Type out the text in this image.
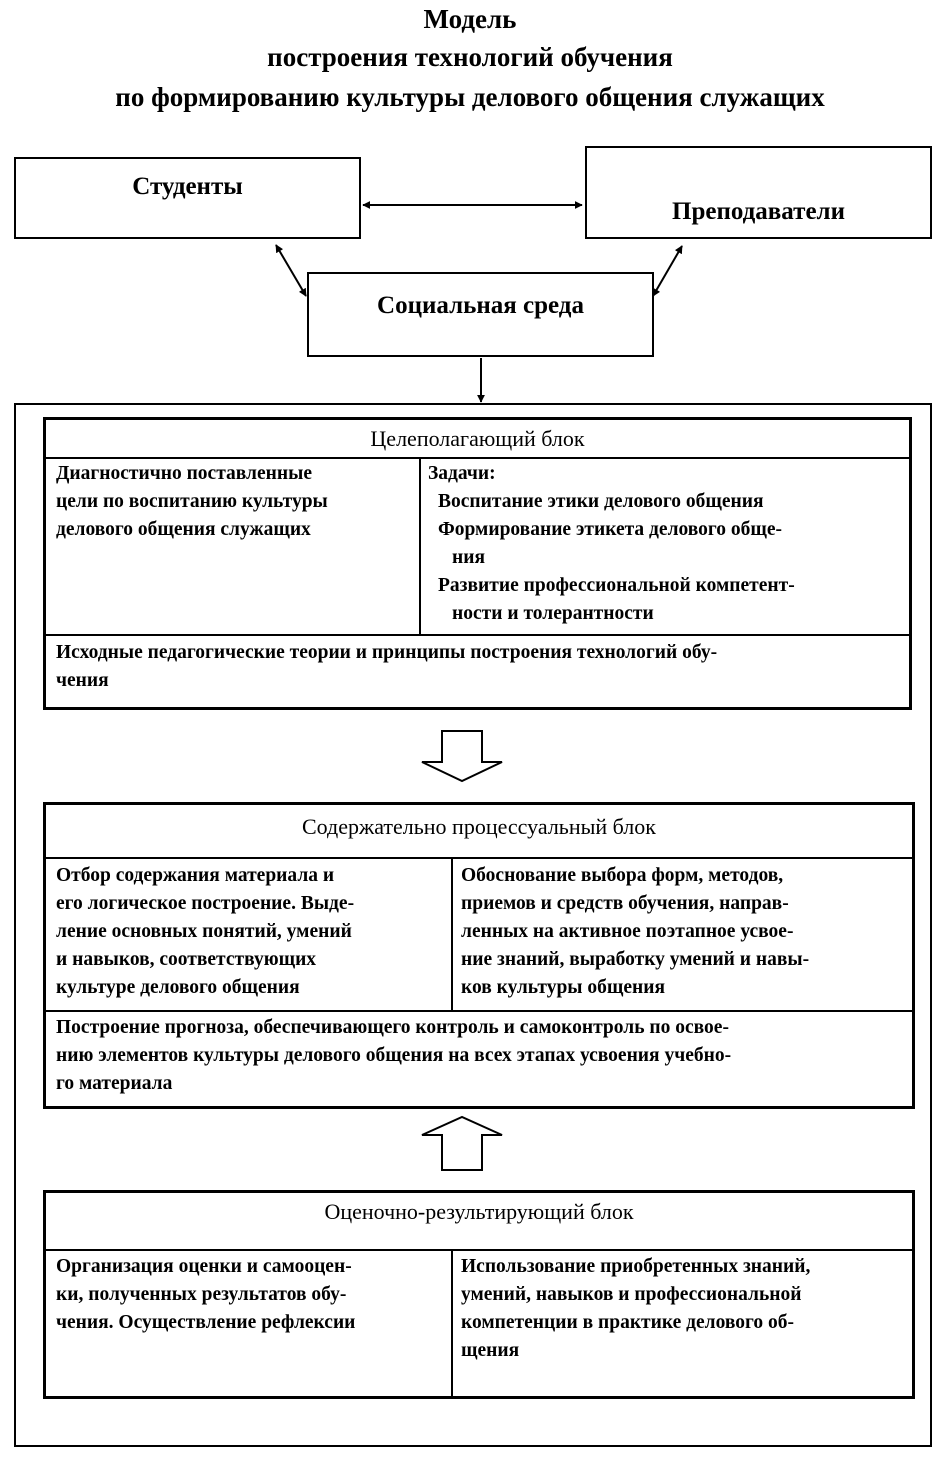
Модель
построения технологий обучения
по формированию культуры делового общения служащих
Студенты
Преподаватели
Социальная среда
Целеполагающий блок

Диагностично поставленные

цели по воспитанию культуры

делового общения служащих

Задачи:

Воспитание этики делового общения

Формирование этикета делового обще-

ния

Развитие профессиональной компетент-

ности и толерантности

Исходные педагогические теории и принципы построения технологий обу-

чения

Содержательно процессуальный блок

Отбор содержания материала и

его логическое построение. Выде-

ление основных понятий, умений

и навыков, соответствующих

культуре делового общения

Обоснование выбора форм, методов,

приемов и средств обучения, направ-

ленных на активное поэтапное усвое-

ние знаний, выработку умений и навы-

ков культуры общения

Построение прогноза, обеспечивающего контроль и самоконтроль по освое-

нию элементов культуры делового общения на всех этапах усвоения учебно-

го материала

Оценочно-результирующий блок

Организация оценки и самооцен-

ки, полученных результатов обу-

чения. Осуществление рефлексии

Использование приобретенных знаний,

умений, навыков и профессиональной

компетенции в практике делового об-

щения
